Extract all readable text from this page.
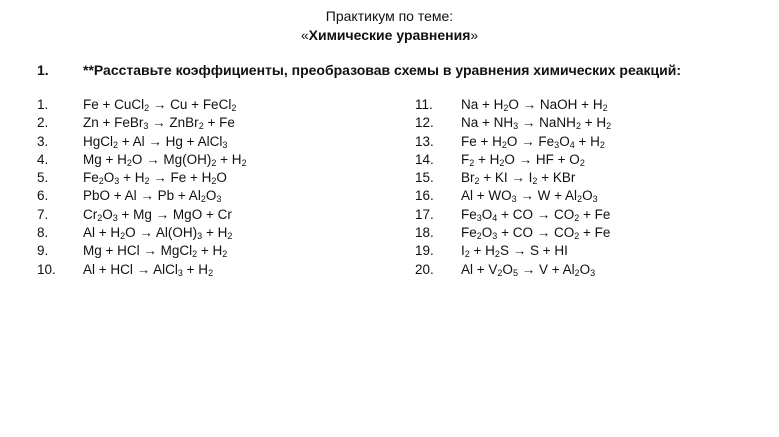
Практикум по теме:
«Химические уравнения»
1. **Расставьте коэффициенты, преобразовав схемы в уравнения химических реакций:
1.	Fe + CuCl$_2$ → Cu + FeCl$_2$
2.	Zn + FeBr$_3$ → ZnBr$_2$ + Fe
3.	HgCl$_2$ + Al → Hg + AlCl$_3$
4.	$Mg + H_2O \to Mg(OH)_2 + H_2$
5.	$Fe_2O_3 + H_2 \to Fe + H_2O$
6.	PbO + $Al \to Pb + Al_2O_3$
7.	$Cr_2O_3 + Mg$ → MgO + Cr
8.	$Al + H_2O \to Al(OH)_3 + H_2$
9.	Mg + HCl → MgCl$_2$ + $H_2$
10.	Al + HCl → AlCl$_3$ + $H_2$
11.	$Na + H_2O$ → NaOH + $H_2$
12.	$Na + NH_3$ → NaNH$_2$ + $H_2$
13.	$Fe + H_2O \to Fe_3O_4 + H_2$
14.	$F_2 + H_2O$ → HF + $O_2$
15.	$Br_2$ + KI → $I_2$ + KBr
16.	$Al + WO_3 \to W + Al_2O_3$
17.	$Fe_3O_4$ + CO → $CO_2 + Fe$
18.	$Fe_2O_3$ + CO → $CO_2 + Fe$
19.	$I_2 + H_2S \to S$ + HI
20.	$Al + V_2O_5 \to V + Al_2O_3$
